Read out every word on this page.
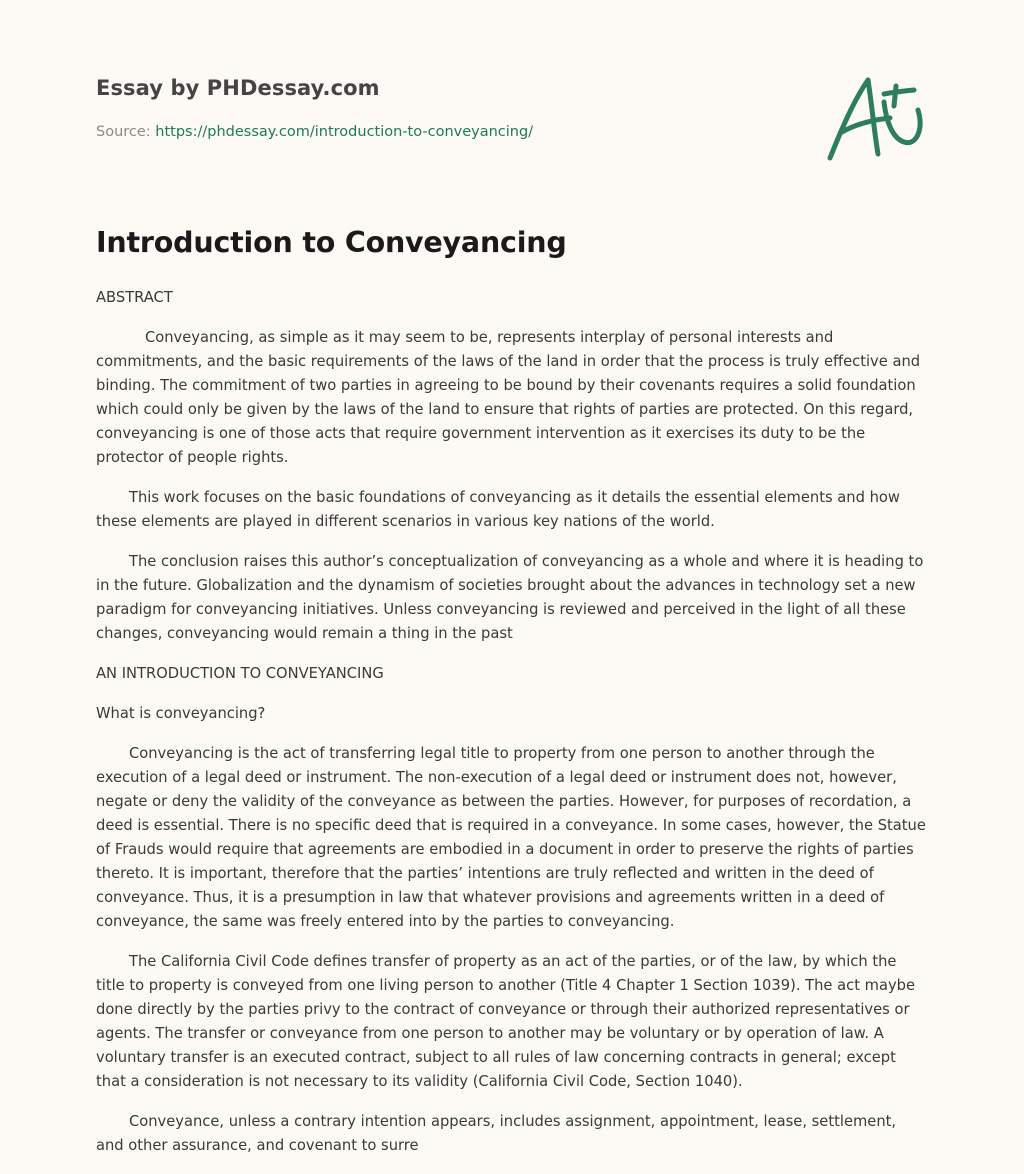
Essay by PHDessay.com
Source: https://phdessay.com/introduction-to-conveyancing/
Introduction to Conveyancing

ABSTRACT

Conveyancing, as simple as it may seem to be, represents interplay of personal interests and commitments, and the basic requirements of the laws of the land in order that the process is truly effective and binding. The commitment of two parties in agreeing to be bound by their covenants requires a solid foundation which could only be given by the laws of the land to ensure that rights of parties are protected. On this regard, conveyancing is one of those acts that require government intervention as it exercises its duty to be the protector of people rights.

This work focuses on the basic foundations of conveyancing as it details the essential elements and how these elements are played in different scenarios in various key nations of the world.

The conclusion raises this author’s conceptualization of conveyancing as a whole and where it is heading to in the future. Globalization and the dynamism of societies brought about the advances in technology set a new paradigm for conveyancing initiatives. Unless conveyancing is reviewed and perceived in the light of all these changes, conveyancing would remain a thing in the past

AN INTRODUCTION TO CONVEYANCING

What is conveyancing?

Conveyancing is the act of transferring legal title to property from one person to another through the execution of a legal deed or instrument. The non-execution of a legal deed or instrument does not, however, negate or deny the validity of the conveyance as between the parties. However, for purposes of recordation, a deed is essential. There is no specific deed that is required in a conveyance. In some cases, however, the Statue of Frauds would require that agreements are embodied in a document in order to preserve the rights of parties thereto. It is important, therefore that the parties’ intentions are truly reflected and written in the deed of conveyance. Thus, it is a presumption in law that whatever provisions and agreements written in a deed of conveyance, the same was freely entered into by the parties to conveyancing.

The California Civil Code defines transfer of property as an act of the parties, or of the law, by which the title to property is conveyed from one living person to another (Title 4 Chapter 1 Section 1039). The act maybe done directly by the parties privy to the contract of conveyance or through their authorized representatives or agents. The transfer or conveyance from one person to another may be voluntary or by operation of law. A voluntary transfer is an executed contract, subject to all rules of law concerning contracts in general; except that a consideration is not necessary to its validity (California Civil Code, Section 1040).

Conveyance, unless a contrary intention appears, includes assignment, appointment, lease, settlement, and other assurance, and covenant to surre
